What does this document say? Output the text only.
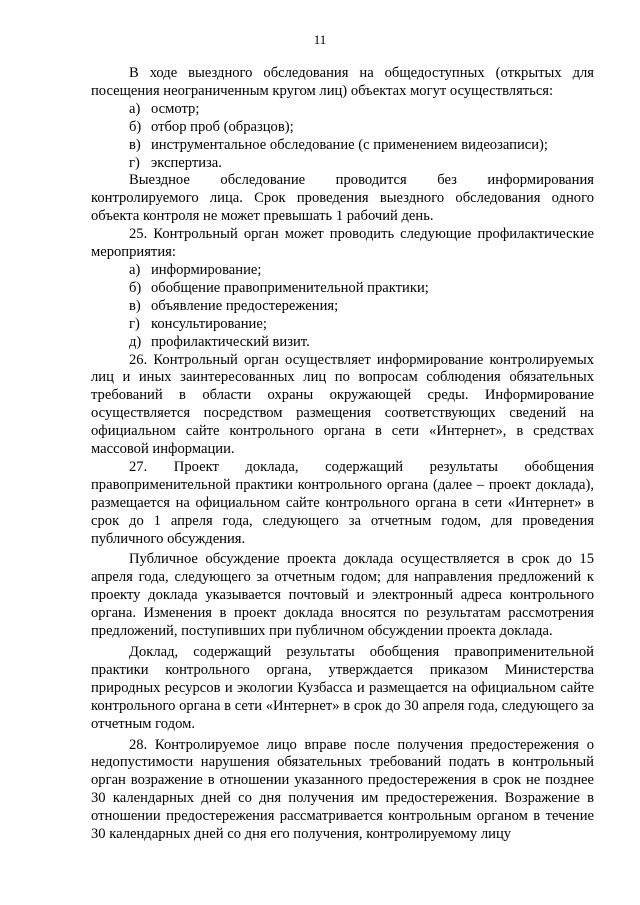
11

В ходе выездного обследования на общедоступных (открытых для посещения неограниченным кругом лиц) объектах могут осуществляться:

а) осмотр;
б) отбор проб (образцов);
в) инструментальное обследование (с применением видеозаписи);
г) экспертиза.

Выездное обследование проводится без информирования контролируемого лица. Срок проведения выездного обследования одного объекта контроля не может превышать 1 рабочий день.

25. Контрольный орган может проводить следующие профилактические мероприятия:

а) информирование;
б) обобщение правоприменительной практики;
в) объявление предостережения;
г) консультирование;
д) профилактический визит.

26. Контрольный орган осуществляет информирование контролируемых лиц и иных заинтересованных лиц по вопросам соблюдения обязательных требований в области охраны окружающей среды. Информирование осуществляется посредством размещения соответствующих сведений на официальном сайте контрольного органа в сети «Интернет», в средствах массовой информации.

27. Проект доклада, содержащий результаты обобщения правоприменительной практики контрольного органа (далее – проект доклада), размещается на официальном сайте контрольного органа в сети «Интернет» в срок до 1 апреля года, следующего за отчетным годом, для проведения публичного обсуждения.

Публичное обсуждение проекта доклада осуществляется в срок до 15 апреля года, следующего за отчетным годом; для направления предложений к проекту доклада указывается почтовый и электронный адреса контрольного органа. Изменения в проект доклада вносятся по результатам рассмотрения предложений, поступивших при публичном обсуждении проекта доклада.

Доклад, содержащий результаты обобщения правоприменительной практики контрольного органа, утверждается приказом Министерства природных ресурсов и экологии Кузбасса и размещается на официальном сайте контрольного органа в сети «Интернет» в срок до 30 апреля года, следующего за отчетным годом.

28. Контролируемое лицо вправе после получения предостережения о недопустимости нарушения обязательных требований подать в контрольный орган возражение в отношении указанного предостережения в срок не позднее 30 календарных дней со дня получения им предостережения. Возражение в отношении предостережения рассматривается контрольным органом в течение 30 календарных дней со дня его получения, контролируемому лицу
